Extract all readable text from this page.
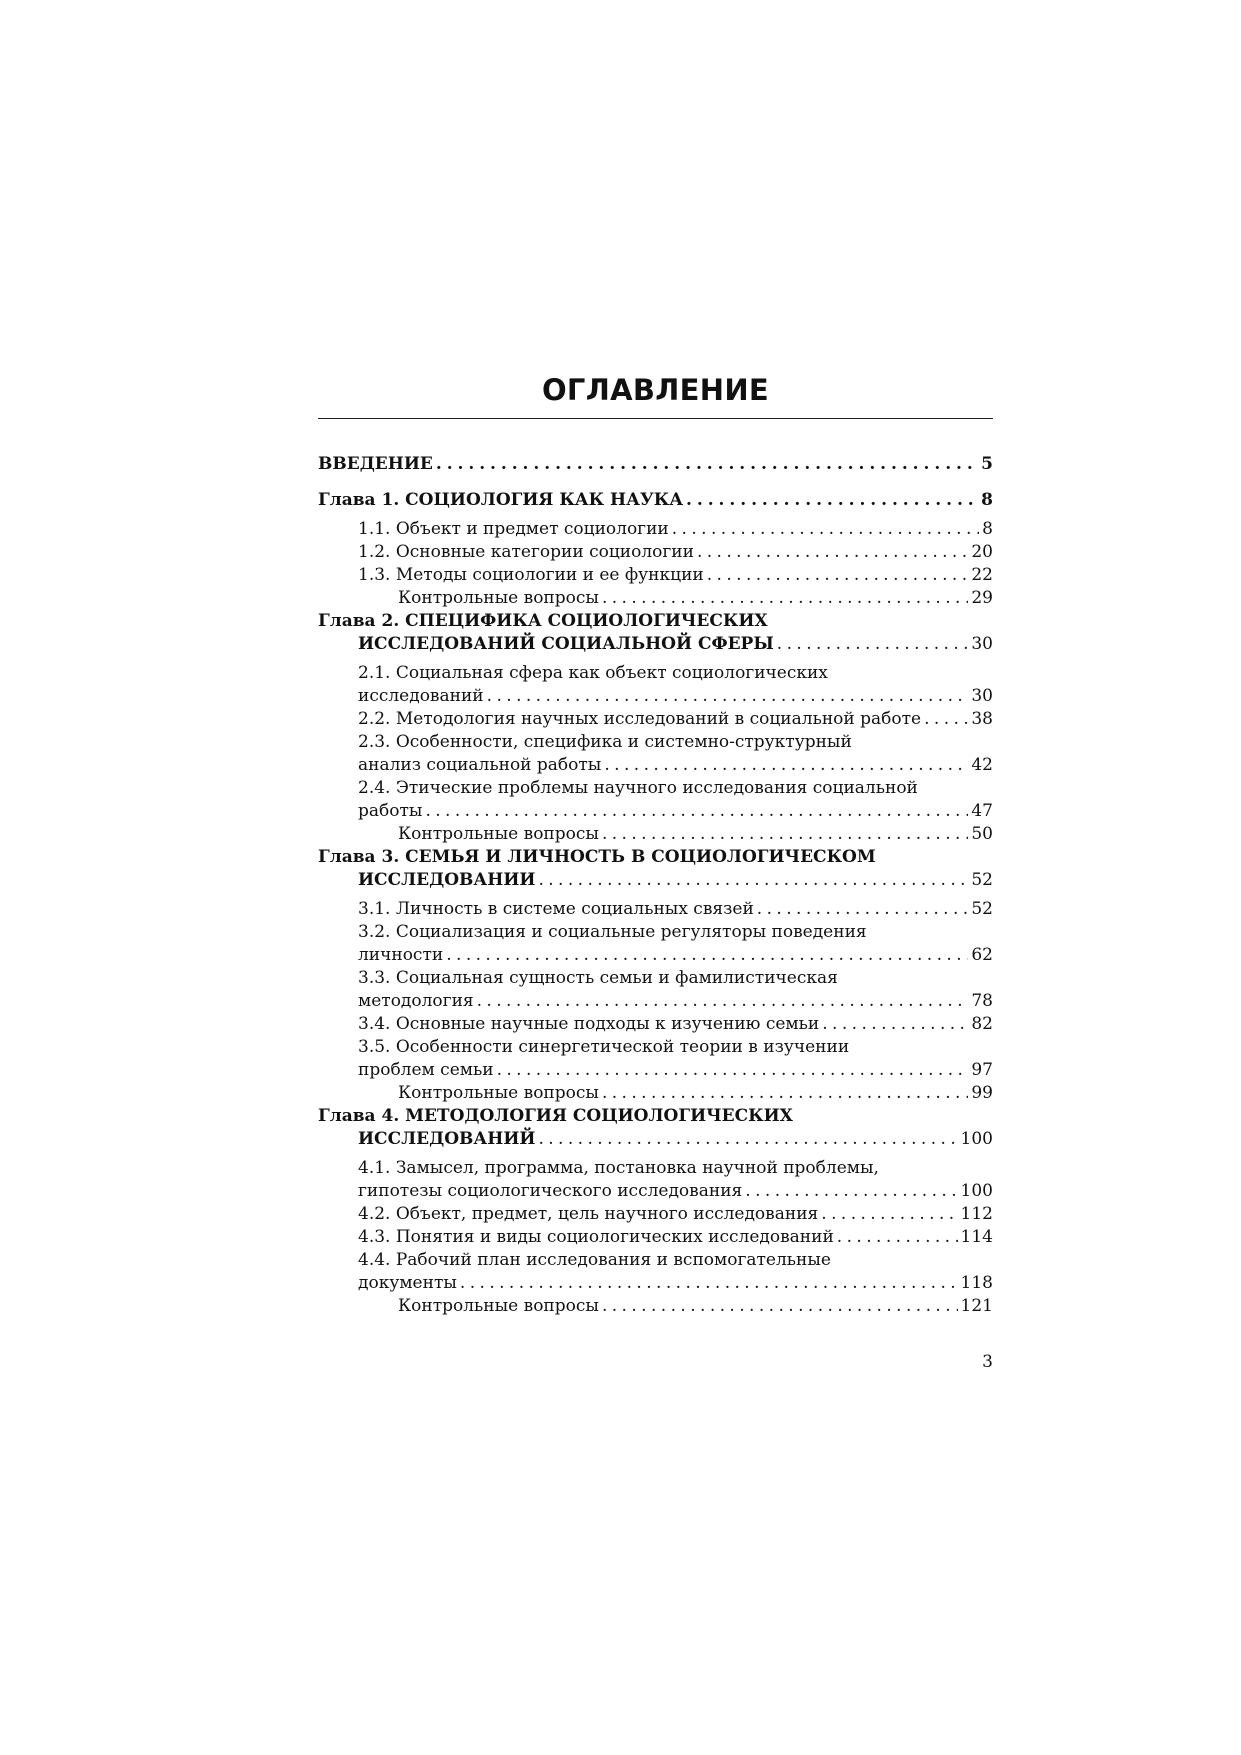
ОГЛАВЛЕНИЕ
ВВЕДЕНИЕ . . .	5
Глава 1. СОЦИОЛОГИЯ КАК НАУКА . . .	8
1.1. Объект и предмет социологии . . .	8
1.2. Основные категории социологии . . .	20
1.3. Методы социологии и ее функции . . .	22
Контрольные вопросы . . .	29
Глава 2. СПЕЦИФИКА СОЦИОЛОГИЧЕСКИХ
ИССЛЕДОВАНИЙ СОЦИАЛЬНОЙ СФЕРЫ . . .	30
2.1. Социальная сфера как объект социологических
исследований . . .	30
2.2. Методология научных исследований в социальной работе . . .	38
2.3. Особенности, специфика и системно-структурный
анализ социальной работы . . .	42
2.4. Этические проблемы научного исследования социальной
работы . . .	47
Контрольные вопросы . . .	50
Глава 3. СЕМЬЯ И ЛИЧНОСТЬ В СОЦИОЛОГИЧЕСКОМ
ИССЛЕДОВАНИИ . . .	52
3.1. Личность в системе социальных связей . . .	52
3.2. Социализация и социальные регуляторы поведения
личности . . .	62
3.3. Социальная сущность семьи и фамилистическая
методология . . .	78
3.4. Основные научные подходы к изучению семьи . . .	82
3.5. Особенности синергетической теории в изучении
проблем семьи . . .	97
Контрольные вопросы . . .	99
Глава 4. МЕТОДОЛОГИЯ СОЦИОЛОГИЧЕСКИХ
ИССЛЕДОВАНИЙ . . .	100
4.1. Замысел, программа, постановка научной проблемы,
гипотезы социологического исследования . . .	100
4.2. Объект, предмет, цель научного исследования . . .	112
4.3. Понятия и виды социологических исследований . . .	114
4.4. Рабочий план исследования и вспомогательные
документы . . .	118
Контрольные вопросы . . .	121
3
